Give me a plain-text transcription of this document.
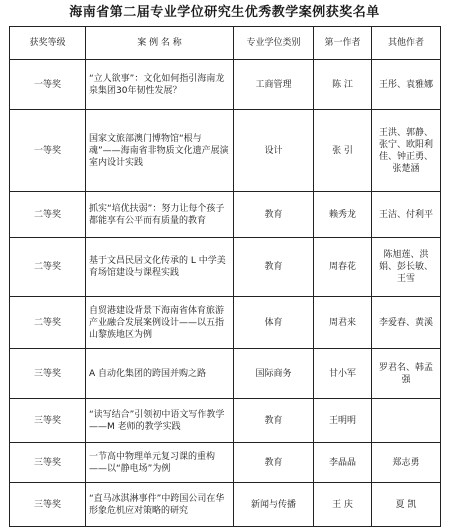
海南省第二届专业学位研究生优秀教学案例获奖名单
获奖等级	案 例 名 称	专业学位类别	第一作者	其他作者
一等奖	“立人欲事”：文化如何指引海南龙泉集团30年韧性发展？	工商管理	陈 江	王彤、袁雅娜
一等奖	国家文旅部澳门博物馆“根与魂”——海南省非物质文化遗产展演室内设计实践	设计	张 引	王洪、郭静、张宁、欧阳利佳、钟正勇、张楚涵
二等奖	抓实“培优扶弱”：努力让每个孩子都能享有公平而有质量的教育	教育	赖秀龙	王洁、付利平
二等奖	基于文昌民居文化传承的 L 中学美育场馆建设与课程实践	教育	周春花	陈旭莲、洪娟、彭长敏、王雪
二等奖	自贸港建设背景下海南省体育旅游产业融合发展案例设计——以五指山黎族地区为例	体育	周君来	李爱春、黄溪
三等奖	A 自动化集团的跨国并购之路	国际商务	甘小军	罗君名、韩孟强
三等奖	“读写结合”引领初中语文写作教学——M 老师的教学实践	教育	王明明	
三等奖	一节高中物理单元复习课的重构——以“静电场”为例	教育	李晶晶	郑志勇
三等奖	“直马冰淇淋事件”中跨国公司在华形象危机应对策略的研究	新闻与传播	王 庆	夏 凯
